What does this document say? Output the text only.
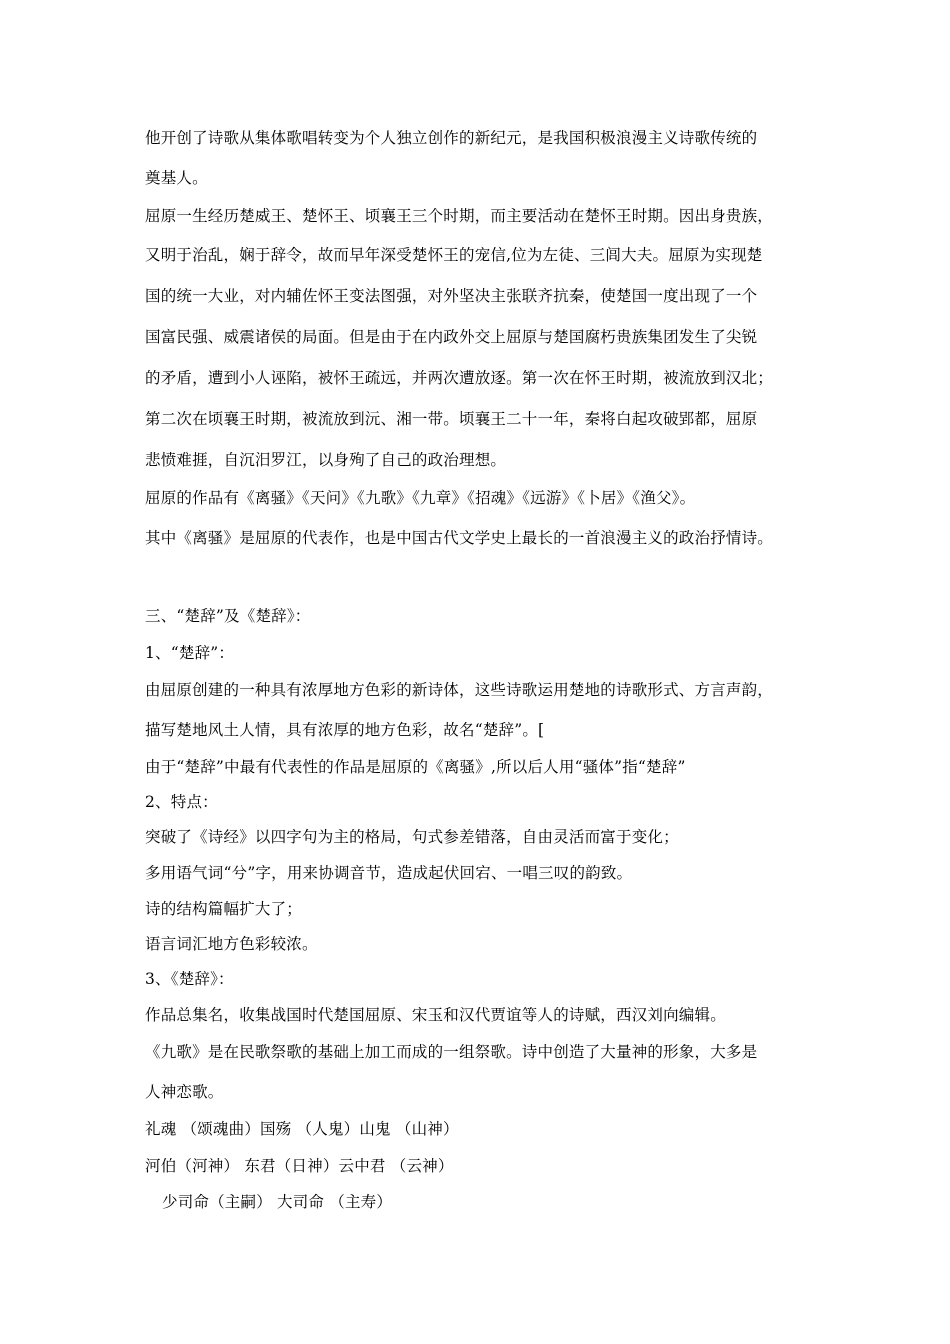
他开创了诗歌从集体歌唱转变为个人独立创作的新纪元，是我国积极浪漫主义诗歌传统的
奠基人。
屈原一生经历楚威王、楚怀王、顷襄王三个时期，而主要活动在楚怀王时期。因出身贵族，
又明于治乱，娴于辞令，故而早年深受楚怀王的宠信,位为左徒、三闾大夫。屈原为实现楚
国的统一大业，对内辅佐怀王变法图强，对外坚决主张联齐抗秦，使楚国一度出现了一个
国富民强、威震诸侯的局面。但是由于在内政外交上屈原与楚国腐朽贵族集团发生了尖锐
的矛盾，遭到小人诬陷，被怀王疏远，并两次遭放逐。第一次在怀王时期，被流放到汉北；
第二次在顷襄王时期，被流放到沅、湘一带。顷襄王二十一年，秦将白起攻破郢都，屈原
悲愤难捱，自沉汨罗江，以身殉了自己的政治理想。
屈原的作品有《离骚》《天问》《九歌》《九章》《招魂》《远游》《卜居》《渔父》。
其中《离骚》是屈原的代表作，也是中国古代文学史上最长的一首浪漫主义的政治抒情诗。
三、“楚辞”及《楚辞》：
1、“楚辞”：
由屈原创建的一种具有浓厚地方色彩的新诗体，这些诗歌运用楚地的诗歌形式、方言声韵，
描写楚地风土人情，具有浓厚的地方色彩，故名“楚辞”。[
由于“楚辞”中最有代表性的作品是屈原的《离骚》,所以后人用“骚体”指“楚辞”
2、特点：
突破了《诗经》以四字句为主的格局，句式参差错落，自由灵活而富于变化；
多用语气词“兮”字，用来协调音节，造成起伏回宕、一唱三叹的韵致。
诗的结构篇幅扩大了；
语言词汇地方色彩较浓。
3、《楚辞》：
作品总集名，收集战国时代楚国屈原、宋玉和汉代贾谊等人的诗赋，西汉刘向编辑。
《九歌》是在民歌祭歌的基础上加工而成的一组祭歌。诗中创造了大量神的形象，大多是
人神恋歌。
礼魂 （颂魂曲）国殇 （人鬼）山鬼 （山神）
河伯（河神） 东君（日神）云中君 （云神）
少司命（主嗣） 大司命 （主寿）
